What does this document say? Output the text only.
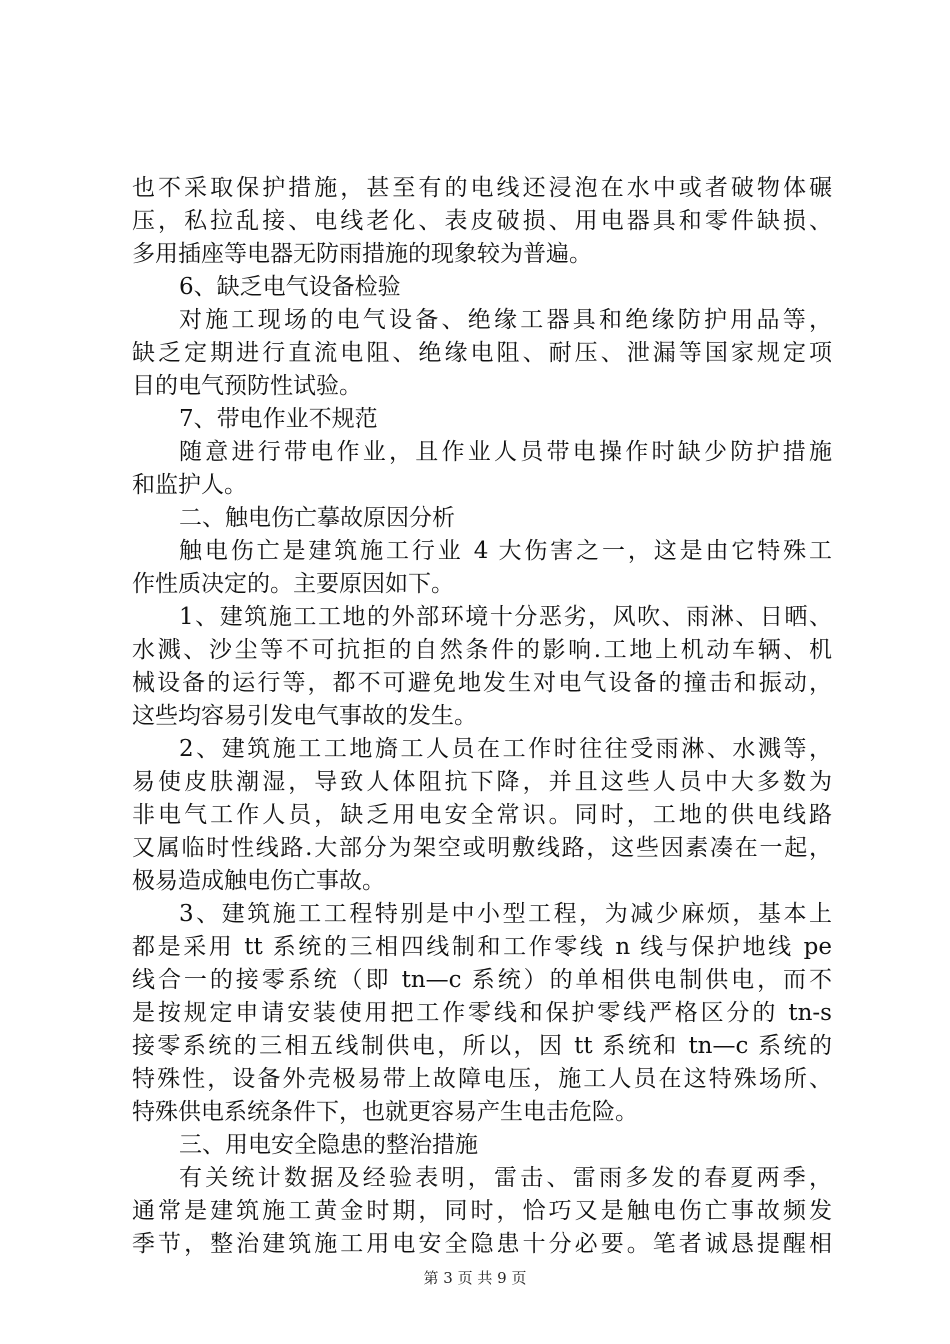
也不采取保护措施，甚至有的电线还浸泡在水中或者破物体碾
压，私拉乱接、电线老化、表皮破损、用电器具和零件缺损、
多用插座等电器无防雨措施的现象较为普遍。
6、缺乏电气设备检验
对施工现场的电气设备、绝缘工器具和绝缘防护用品等，
缺乏定期进行直流电阻、绝缘电阻、耐压、泄漏等国家规定项
目的电气预防性试验。
7、带电作业不规范
随意进行带电作业，且作业人员带电操作时缺少防护措施
和监护人。
二、触电伤亡摹故原因分析
触电伤亡是建筑施工行业 4 大伤害之一，这是由它特殊工
作性质决定的。主要原因如下。
1、建筑施工工地的外部环境十分恶劣，风吹、雨淋、日晒、
水溅、沙尘等不可抗拒的自然条件的影响.工地上机动车辆、机
械设备的运行等，都不可避免地发生对电气设备的撞击和振动，
这些均容易引发电气事故的发生。
2、建筑施工工地旖工人员在工作时往往受雨淋、水溅等，
易使皮肤潮湿，导致人体阻抗下降，并且这些人员中大多数为
非电气工作人员，缺乏用电安全常识。同时，工地的供电线路
又属临时性线路.大部分为架空或明敷线路，这些因素凑在一起，
极易造成触电伤亡事故。
3、建筑施工工程特别是中小型工程，为减少麻烦，基本上
都是采用 tt 系统的三相四线制和工作零线 n 线与保护地线 pe
线合一的接零系统（即 tn—c 系统）的单相供电制供电，而不
是按规定申请安装使用把工作零线和保护零线严格区分的 tn-s
接零系统的三相五线制供电，所以，因 tt 系统和 tn—c 系统的
特殊性，设备外壳极易带上故障电压，施工人员在这特殊场所、
特殊供电系统条件下，也就更容易产生电击危险。
三、用电安全隐患的整治措施
有关统计数据及经验表明，雷击、雷雨多发的春夏两季，
通常是建筑施工黄金时期，同时，恰巧又是触电伤亡事故频发
季节，整治建筑施工用电安全隐患十分必要。笔者诚恳提醒相
第 3 页 共 9 页
